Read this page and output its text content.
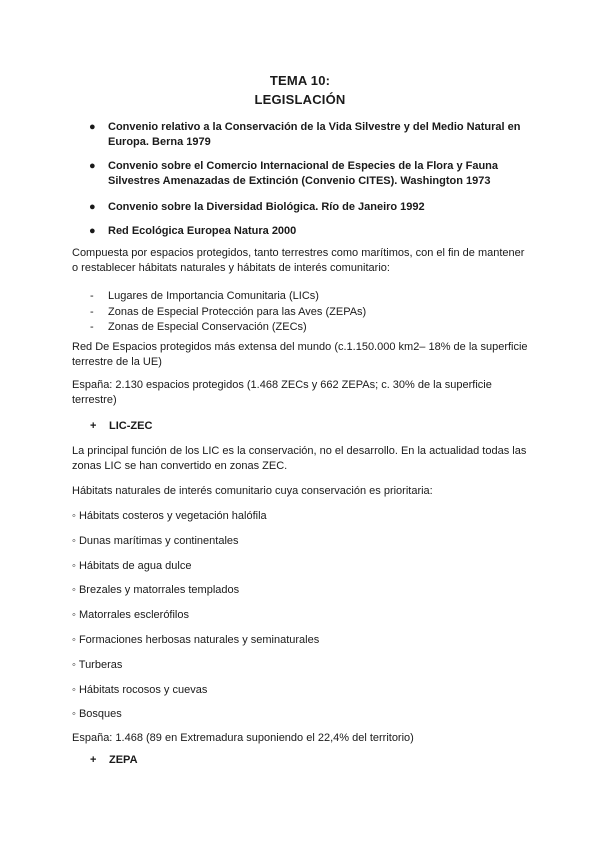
TEMA 10:
LEGISLACIÓN
● Convenio relativo a la Conservación de la Vida Silvestre y del Medio Natural en Europa. Berna 1979
● Convenio sobre el Comercio Internacional de Especies de la Flora y Fauna Silvestres Amenazadas de Extinción (Convenio CITES). Washington 1973
● Convenio sobre la Diversidad Biológica. Río de Janeiro 1992
● Red Ecológica Europea Natura 2000
Compuesta por espacios protegidos, tanto terrestres como marítimos, con el fin de mantener o restablecer hábitats naturales y hábitats de interés comunitario:
- Lugares de Importancia Comunitaria (LICs)
- Zonas de Especial Protección para las Aves (ZEPAs)
- Zonas de Especial Conservación (ZECs)
Red De Espacios protegidos más extensa del mundo (c.1.150.000 km2– 18% de la superficie terrestre de la UE)
España: 2.130 espacios protegidos (1.468 ZECs y 662 ZEPAs; c. 30% de la superficie terrestre)
+ LIC-ZEC
La principal función de los LIC es la conservación, no el desarrollo. En la actualidad todas las zonas LIC se han convertido en zonas ZEC.
Hábitats naturales de interés comunitario cuya conservación es prioritaria:
◦ Hábitats costeros y vegetación halófila
◦ Dunas marítimas y continentales
◦ Hábitats de agua dulce
◦ Brezales y matorrales templados
◦ Matorrales esclerófilos
◦ Formaciones herbosas naturales y seminaturales
◦ Turberas
◦ Hábitats rocosos y cuevas
◦ Bosques
España: 1.468 (89 en Extremadura suponiendo el 22,4% del territorio)
+ ZEPA
